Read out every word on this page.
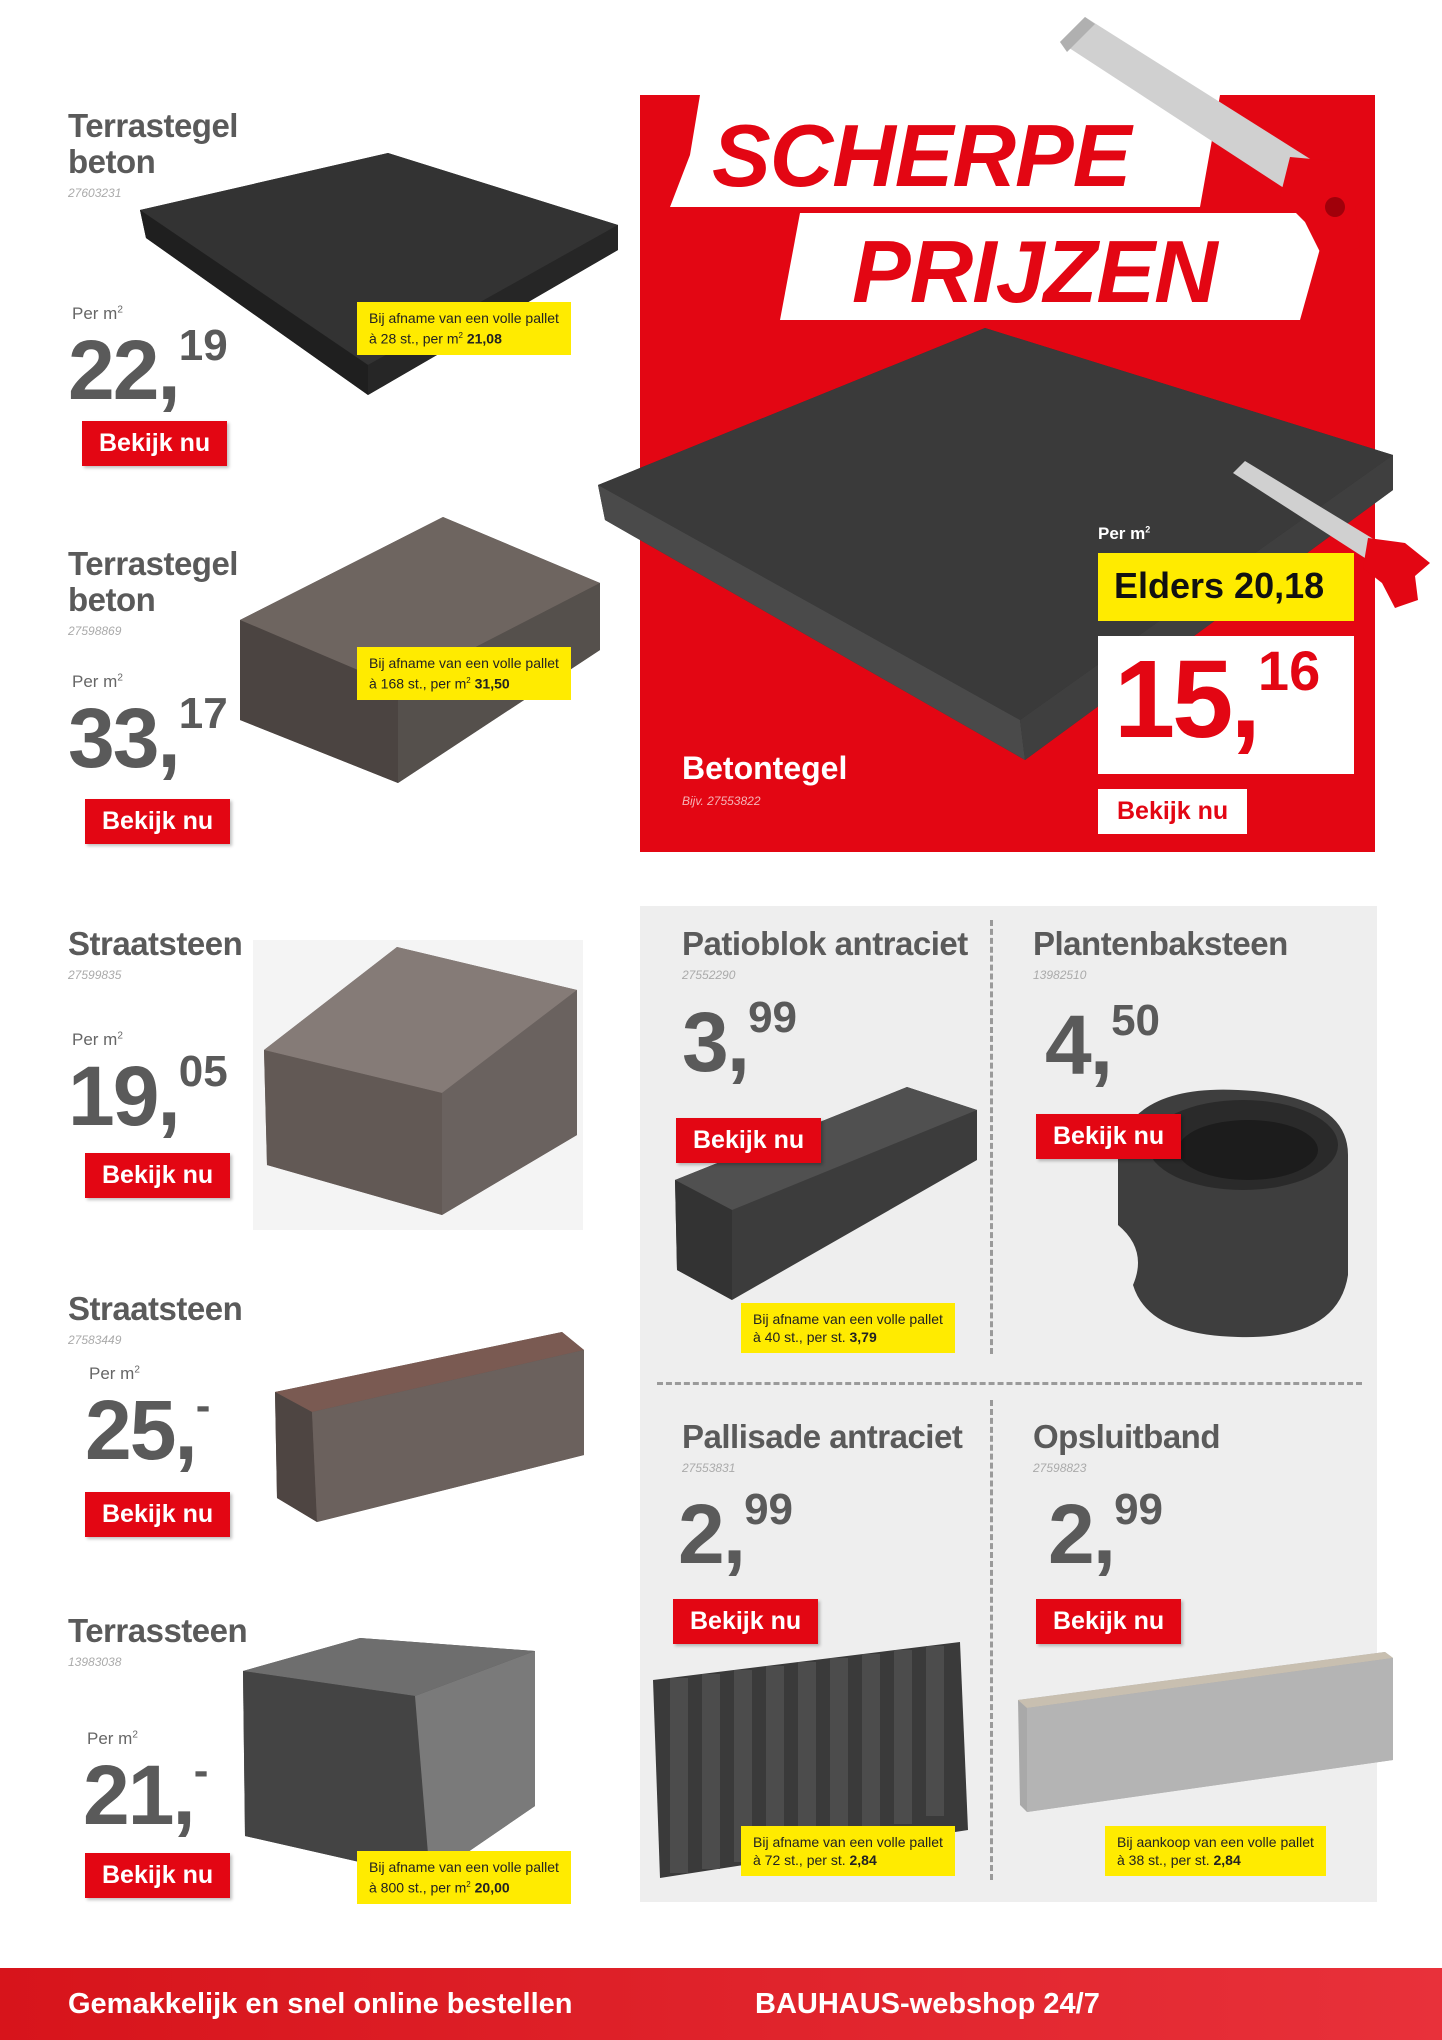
Terrastegel beton
27603231
Per $m^2$
22,19
Bij afname van een volle pallet
à 28 st., per $m^2$ 21,08
Bekijk nu
Terrastegel beton
27598869
Per $m^2$
33,17
Bij afname van een volle pallet
à 168 st., per $m^2$ 31,50
Bekijk nu
SCHERPE
PRIJZEN
Betontegel
Bijv. 27553822
Per $m^2$
Elders 20,18
15,16
Bekijk nu
Straatsteen
27599835
Per $m^2$
19,05
Bekijk nu
Straatsteen
27583449
Per $m^2$
25,-
Bekijk nu
Terrassteen
13983038
Per $m^2$
21,-
Bij afname van een volle pallet
à 800 st., per $m^2$ 20,00
Bekijk nu
Patioblok antraciet
27552290
3,99
Bekijk nu
Bij afname van een volle pallet
à 40 st., per st. 3,79
Plantenbaksteen
13982510
4,50
Bekijk nu
Pallisade antraciet
27553831
2,99
Bekijk nu
Bij afname van een volle pallet
à 72 st., per st. 2,84
Opsluitband
27598823
2,99
Bekijk nu
Bij aankoop van een volle pallet
à 38 st., per st. 2,84
Gemakkelijk en snel online bestellen	BAUHAUS-webshop 24/7
